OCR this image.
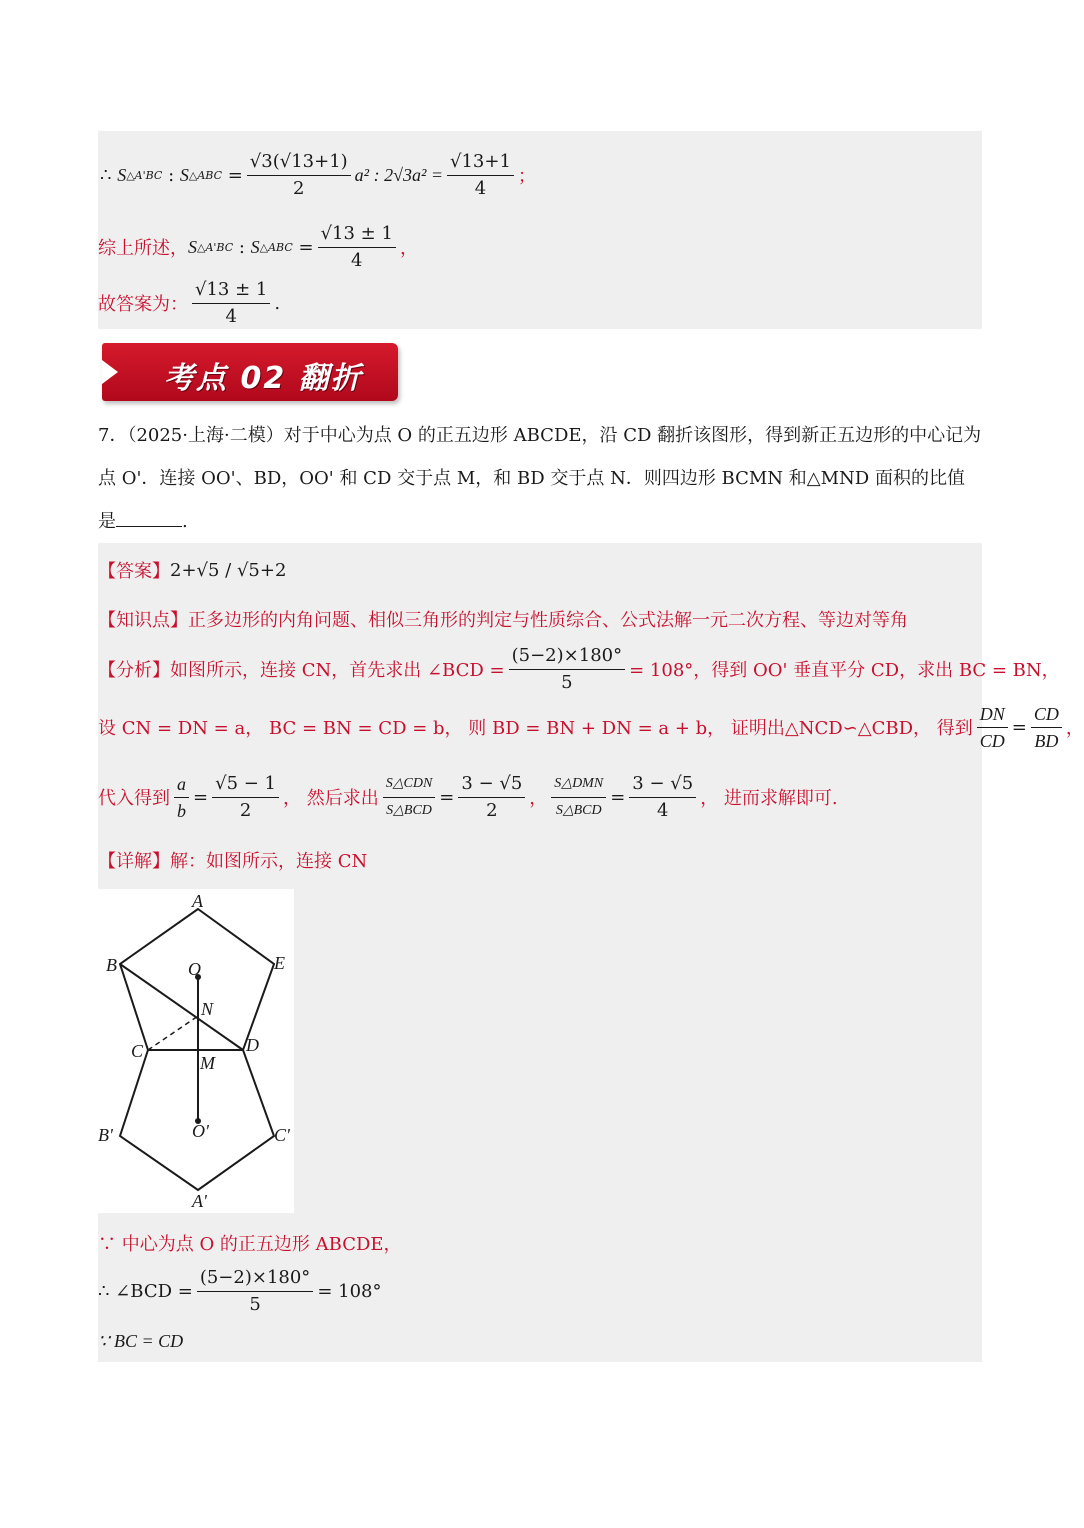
∴
S △A'BC
:
S △ABC = $\frac{√3(√13+1)}{2} a^2$ : $2√3a^2 = \frac{√13+1}{4}$ ；
综上所述， S △A'BC : S △ABC = $\frac{√13 \pm 1}{4}$ ，
故答案为： $\frac{√13 \pm 1}{4}$ .
考点 02 翻折
7．（2025·上海·二模）对于中心为点 O 的正五边形 ABCDE，沿 CD 翻折该图形，得到新正五边形的中心记为
点 O'．连接 OO'、BD，OO' 和 CD 交于点 M，和 BD 交于点 N．则四边形 BCMN 和△MND 面积的比值
是	.
【答案】 2+√5 / √5+2
【知识点】 正多边形的内角问题、相似三角形的判定与性质综合、公式法解一元二次方程、等边对等角
【分析】 如图所示，连接 CN，首先求出 ∠BCD = $\frac{(5-2)\times 180^\circ}{5} = 108^\circ$，得到 OO' 垂直平分 CD，求出 BC = BN，
设 CN = DN = a， BC = BN = CD = b， 则 BD = BN + DN = a + b， 证明出△NCD∽△CBD， 得到 $\frac{DN}{CD} = \frac{CD}{BD}$ ，
代入得到 $\frac{a}{b} = \frac{√5 - 1}{2}$ ， 然后求出 $\frac{\text{S△CDN}}{\text{S△BCD}} = \frac{3 - √5}{2}$ ， $\frac{\text{S△DMN}}{\text{S△BCD}} = \frac{3 - √5}{4}$ ， 进而求解即可.
【详解】 解：如图所示，连接 CN
A
B	E
O
N
C	D
M
B'	C'
O'
A'
∵ 中心为点 O 的正五边形 ABCDE，
∴ ∠BCD = $\frac{(5-2)\times 180^\circ}{5} = 108^\circ$
∵ BC = CD
